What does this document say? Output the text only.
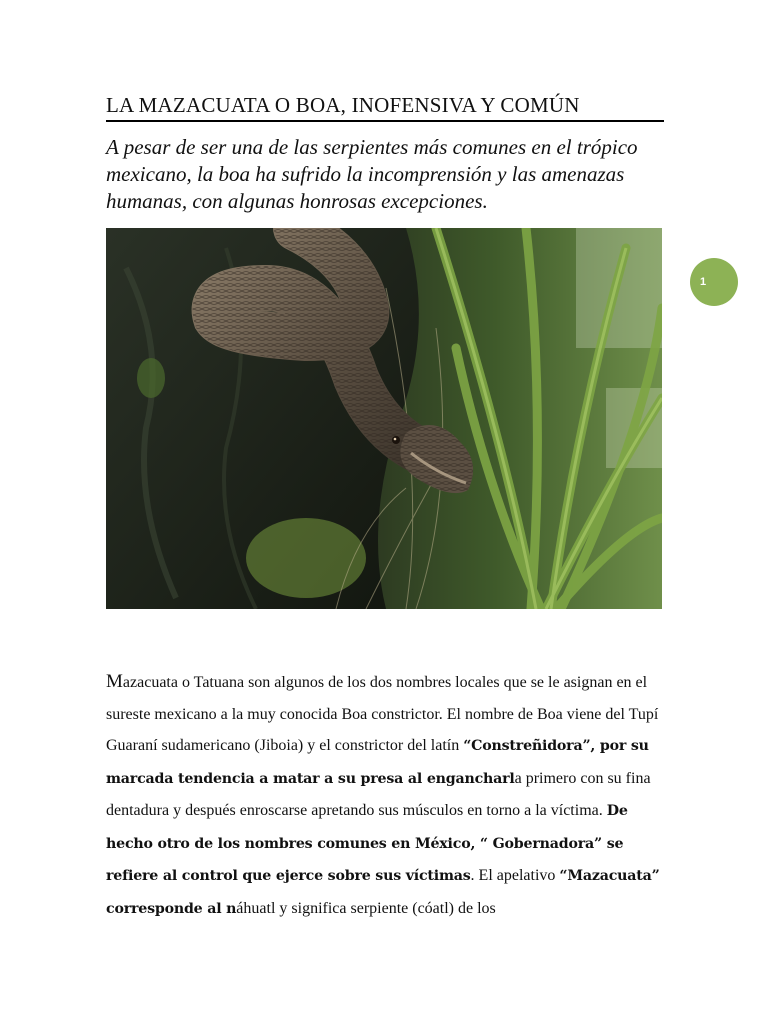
LA MAZACUATA O BOA, INOFENSIVA Y COMÚN

A pesar de ser una de las serpientes más comunes en el trópico mexicano, la boa ha sufrido la incomprensión y las amenazas humanas, con algunas honrosas excepciones.

1

Mazacuata o Tatuana son algunos de los dos nombres locales que se le asignan en el sureste mexicano a la muy conocida Boa constrictor. El nombre de Boa viene del Tupí Guaraní sudamericano (Jiboia) y el constrictor del latín “Constreñidora”, por su marcada tendencia a matar a su presa al engancharla primero con su fina dentadura y después enroscarse apretando sus músculos en torno a la víctima. De hecho otro de los nombres comunes en México, “ Gobernadora” se refiere al control que ejerce sobre sus víctimas. El apelativo “Mazacuata” corresponde al náhuatl y significa serpiente (cóatl) de los
